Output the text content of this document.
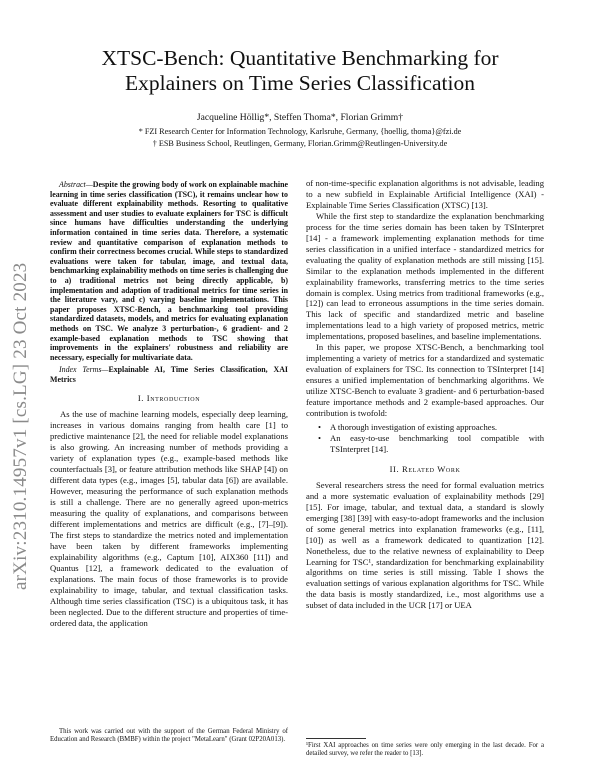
arXiv:2310.14957v1 [cs.LG] 23 Oct 2023
XTSC-Bench: Quantitative Benchmarking for Explainers on Time Series Classification

Jacqueline Höllig*, Steffen Thoma*, Florian Grimm†

* FZI Research Center for Information Technology, Karlsruhe, Germany, {hoellig, thoma}@fzi.de

† ESB Business School, Reutlingen, Germany, Florian.Grimm@Reutlingen-University.de

Abstract—Despite the growing body of work on explainable machine learning in time series classification (TSC), it remains unclear how to evaluate different explainability methods. Resorting to qualitative assessment and user studies to evaluate explainers for TSC is difficult since humans have difficulties understanding the underlying information contained in time series data. Therefore, a systematic review and quantitative comparison of explanation methods to confirm their correctness becomes crucial. While steps to standardized evaluations were taken for tabular, image, and textual data, benchmarking explainability methods on time series is challenging due to a) traditional metrics not being directly applicable, b) implementation and adaption of traditional metrics for time series in the literature vary, and c) varying baseline implementations. This paper proposes XTSC-Bench, a benchmarking tool providing standardized datasets, models, and metrics for evaluating explanation methods on TSC. We analyze 3 perturbation-, 6 gradient- and 2 example-based explanation methods to TSC showing that improvements in the explainers' robustness and reliability are necessary, especially for multivariate data.

Index Terms—Explainable AI, Time Series Classification, XAI Metrics

I. Introduction

As the use of machine learning models, especially deep learning, increases in various domains ranging from health care [1] to predictive maintenance [2], the need for reliable model explanations is also growing. An increasing number of methods providing a variety of explanation types (e.g., example-based methods like counterfactuals [3], or feature attribution methods like SHAP [4]) on different data types (e.g., images [5], tabular data [6]) are available. However, measuring the performance of such explanation methods is still a challenge. There are no generally agreed upon-metrics measuring the quality of explanations, and comparisons between different implementations and metrics are difficult (e.g., [7]–[9]). The first steps to standardize the metrics noted and implementation have been taken by different frameworks implementing explainability algorithms (e.g., Captum [10], AIX360 [11]) and Quantus [12], a framework dedicated to the evaluation of explanations. The main focus of those frameworks is to provide explainability to image, tabular, and textual classification tasks. Although time series classification (TSC) is a ubiquitous task, it has been neglected. Due to the different structure and properties of time-ordered data, the application

This work was carried out with the support of the German Federal Ministry of Education and Research (BMBF) within the project "MetaLearn" (Grant 02P20A013).

of non-time-specific explanation algorithms is not advisable, leading to a new subfield in Explainable Artificial Intelligence (XAI) - Explainable Time Series Classification (XTSC) [13].

While the first step to standardize the explanation benchmarking process for the time series domain has been taken by TSInterpret [14] - a framework implementing explanation methods for time series classification in a unified interface - standardized metrics for evaluating the quality of explanation methods are still missing [15]. Similar to the explanation methods implemented in the different explainability frameworks, transferring metrics to the time series domain is complex. Using metrics from traditional frameworks (e.g., [12]) can lead to erroneous assumptions in the time series domain. This lack of specific and standardized metric and baseline implementations lead to a high variety of proposed metrics, metric implementations, proposed baselines, and baseline implementations.

In this paper, we propose XTSC-Bench, a benchmarking tool implementing a variety of metrics for a standardized and systematic evaluation of explainers for TSC. Its connection to TSInterpret [14] ensures a unified implementation of benchmarking algorithms. We utilize XTSC-Bench to evaluate 3 gradient- and 6 perturbation-based feature importance methods and 2 example-based approaches. Our contribution is twofold:

• A thorough investigation of existing approaches.
• An easy-to-use benchmarking tool compatible with TSInterpret [14].
II. Related Work

Several researchers stress the need for formal evaluation metrics and a more systematic evaluation of explainability methods [29] [15]. For image, tabular, and textual data, a standard is slowly emerging [38] [39] with easy-to-adopt frameworks and the inclusion of some general metrics into explanation frameworks (e.g., [11], [10]) as well as a framework dedicated to quantization [12]. Nonetheless, due to the relative newness of explainability to Deep Learning for TSC¹, standardization for benchmarking explainability algorithms on time series is still missing. Table I shows the evaluation settings of various explanation algorithms for TSC. While the data basis is mostly standardized, i.e., most algorithms use a subset of data included in the UCR [17] or UEA

¹First XAI approaches on time series were only emerging in the last decade. For a detailed survey, we refer the reader to [13].
